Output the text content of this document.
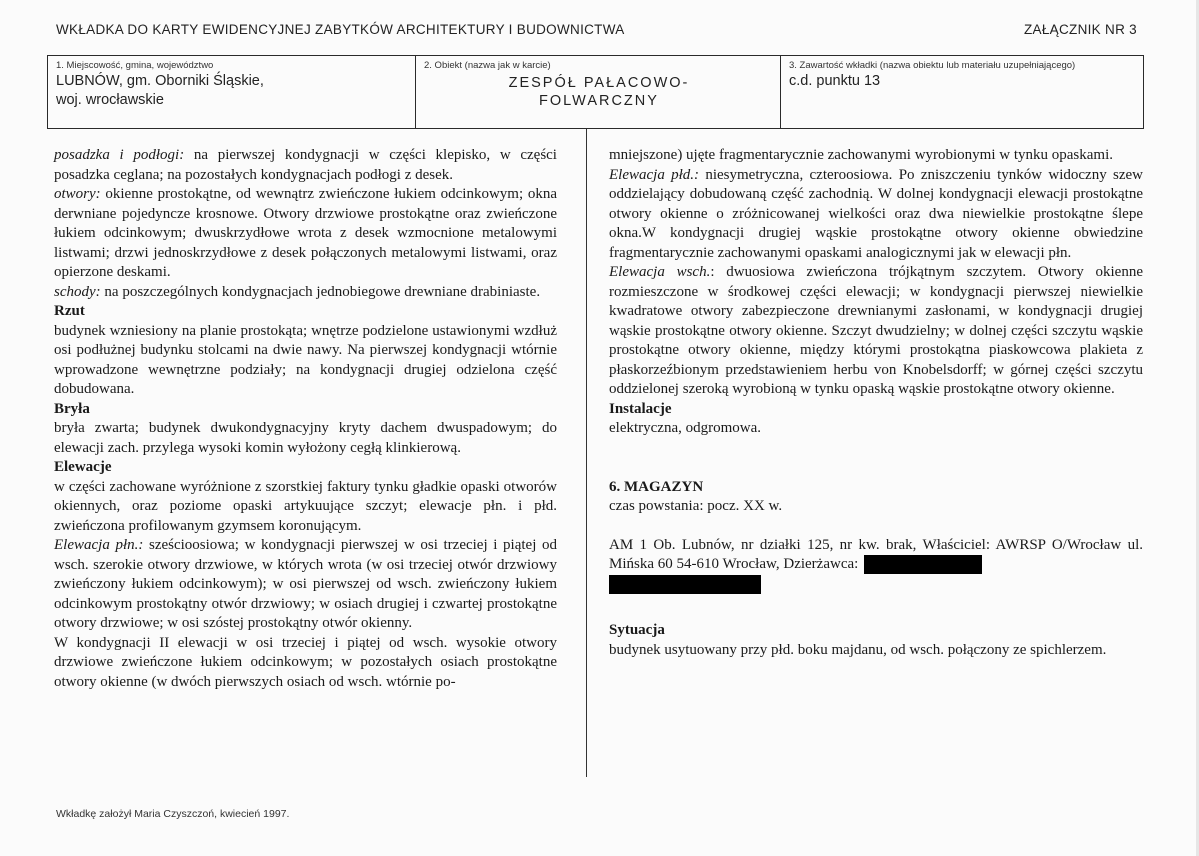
WKŁADKA DO KARTY EWIDENCYJNEJ ZABYTKÓW ARCHITEKTURY I BUDOWNICTWA	ZAŁĄCZNIK NR 3
1. Miejscowość, gmina, województwo
LUBNÓW, gm. Oborniki Śląskie,
woj. wrocławskie
2. Obiekt (nazwa jak w karcie)
ZESPÓŁ PAŁACOWO-
FOLWARCZNY
3. Zawartość wkładki (nazwa obiektu lub materiału uzupełniającego)
c.d. punktu 13

posadzka i podłogi: na pierwszej kondygnacji w części klepisko, w części posadzka ceglana; na pozostałych kondygnacjach podłogi z desek.

otwory: okienne prostokątne, od wewnątrz zwieńczone łukiem odcinkowym; okna derwniane pojedyncze krosnowe. Otwory drzwiowe prostokątne oraz zwieńczone łukiem odcinkowym; dwuskrzydłowe wrota z desek wzmocnione metalowymi listwami; drzwi jednoskrzydłowe z desek połączonych metalowymi listwami, oraz opierzone deskami.

schody: na poszczególnych kondygnacjach jednobiegowe drewniane drabiniaste.

Rzut

budynek wzniesiony na planie prostokąta; wnętrze podzielone ustawionymi wzdłuż osi podłużnej budynku stolcami na dwie nawy. Na pierwszej kondygnacji wtórnie wprowadzone wewnętrzne podziały; na kondygnacji drugiej odzielona część dobudowana.

Bryła

bryła zwarta; budynek dwukondygnacyjny kryty dachem dwuspadowym; do elewacji zach. przylega wysoki komin wyłożony cegłą klinkierową.

Elewacje

w części zachowane wyróżnione z szorstkiej faktury tynku gładkie opaski otworów okiennych, oraz poziome opaski artykuujące szczyt; elewacje płn. i płd. zwieńczona profilowanym gzymsem koronującym.

Elewacja płn.: sześcioosiowa; w kondygnacji pierwszej w osi trzeciej i piątej od wsch. szerokie otwory drzwiowe, w których wrota (w osi trzeciej otwór drzwiowy zwieńczony łukiem odcinkowym); w osi pierwszej od wsch. zwieńczony łukiem odcinkowym prostokątny otwór drzwiowy; w osiach drugiej i czwartej prostokątne otwory drzwiowe; w osi szóstej prostokątny otwór okienny.

W kondygnacji II elewacji w osi trzeciej i piątej od wsch. wysokie otwory drzwiowe zwieńczone łukiem odcinkowym; w pozostałych osiach prostokątne otwory okienne (w dwóch pierwszych osiach od wsch. wtórnie po-

mniejszone) ujęte fragmentarycznie zachowanymi wyrobionymi w tynku opaskami.

Elewacja płd.: niesymetryczna, czteroosiowa. Po zniszczeniu tynków widoczny szew oddzielający dobudowaną część zachodnią. W dolnej kondygnacji elewacji prostokątne otwory okienne o zróżnicowanej wielkości oraz dwa niewielkie prostokątne ślepe okna.W kondygnacji drugiej wąskie prostokątne otwory okienne obwiedzine fragmentarycznie zachowanymi opaskami analogicznymi jak w elewacji płn.

Elewacja wsch.: dwuosiowa zwieńczona trójkątnym szczytem. Otwory okienne rozmieszczone w środkowej części elewacji; w kondygnacji pierwszej niewielkie kwadratowe otwory zabezpieczone drewnianymi zasłonami, w kondygnacji drugiej wąskie prostokątne otwory okienne. Szczyt dwudzielny; w dolnej części szczytu wąskie prostokątne otwory okienne, między którymi prostokątna piaskowcowa plakieta z płaskorzeźbionym przedstawieniem herbu von Knobelsdorff; w górnej części szczytu oddzielonej szeroką wyrobioną w tynku opaską wąskie prostokątne otwory okienne.

Instalacje

elektryczna, odgromowa.

6. MAGAZYN

czas powstania: pocz. XX w.

AM 1 Ob. Lubnów, nr działki 125, nr kw. brak, Właściciel: AWRSP O/Wrocław ul. Mińska 60 54-610 Wrocław, Dzierżawca:

Sytuacja

budynek usytuowany przy płd. boku majdanu, od wsch. połączony ze spichlerzem.

Wkładkę założył Maria Czyszczoń, kwiecień 1997.
